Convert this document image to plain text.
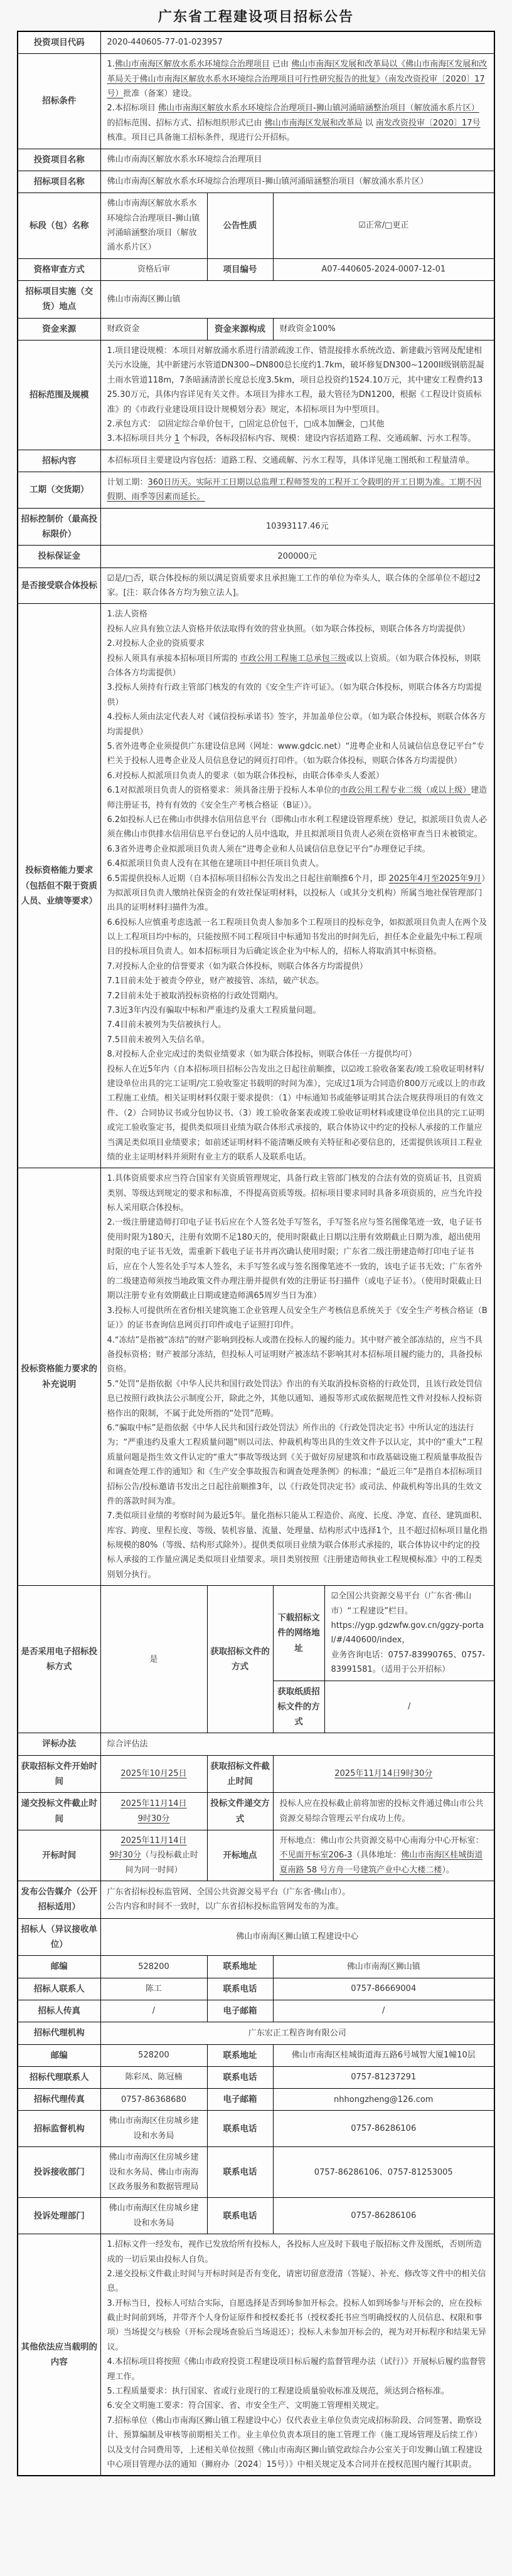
广东省工程建设项目招标公告
投资项目代码	2020-440605-77-01-023957			

招标条件	1.佛山市南海区解放水系水环境综合治理项目 已由 佛山市南海区发展和改革局以《佛山市南海区发展和改革局关于佛山市南海区解放水系水环境综合治理项目可行性研究报告的批复》（南发改资投审〔2020〕17号）批准（备案）建设。
2.本招标项目 佛山市南海区解放水系水环境综合治理项目-狮山镇河涌暗涵整治项目（解放涌水系片区） 的招标范围、招标方式、招标组织形式已由 佛山市南海区发展和改革局 以 南发改资投审〔2020〕17号 核准。项目已具备施工招标条件，现进行公开招标。			

投资项目名称	佛山市南海区解放水系水环境综合治理项目			

招标项目名称	佛山市南海区解放水系水环境综合治理项目-狮山镇河涌暗涵整治项目（解放涌水系片区）			

标段（包）名称	佛山市南海区解放水系水环境综合治理项目-狮山镇河涌暗涵整治项目（解放涌水系片区）	公告性质	☑正常/□更正	

资格审查方式	资格后审	项目编号	A07-440605-2024-0007-12-01	

招标项目实施（交货）地点	佛山市南海区狮山镇			

资金来源	财政资金	资金来源构成	财政资金100%	

招标范围及规模	1.项目建设规模：本项目对解放涌水系进行清淤疏浚工作、错混接排水系统改造、新建截污管网及配建相关污水设施，其中新建污水管道DN300~DN800总长度约1.7km，破坏修复DN300~1200II级钢筋混凝土雨水管道118m，7条暗涵清淤长度总长度3.5km，项目总投资约1524.10万元，其中建安工程费约1325.30万元，具体内容详见有关文件。本项目为排水工程，最大管径为DN1200，根据《工程设计资质标准》的《市政行业建设项目设计规模划分表》规定，本招标项目为中型项目。
2.承包方式： ☑固定综合单价包干，□固定总价包干，□成本加酬金，□其他
3.本招标项目共分 1 个标段，各标段招标内容、规模：建设内容括道路工程、交通疏解、污水工程等。			

招标内容	本招标项目主要建设内容包括：道路工程、交通疏解、污水工程等，具体详见施工图纸和工程量清单。			

工期（交货期）	计划工期：360日历天。实际开工日期以总监理工程师签发的工程开工令载明的开工日期为准。工期不因假期、雨季等因素而延长。			

招标控制价（最高投标限价）	10393117.46元			

投标保证金	200000元			

是否接受联合体投标	☑是/□否，联合体投标的须以满足资质要求且承担施工工作的单位为牵头人，联合体的全部单位不超过2家。[注：联合体各方均为独立法人]。			

投标资格能力要求（包括但不限于资质人员、业绩等要求）

1.法人资格
投标人应具有独立法人资格并依法取得有效的营业执照。（如为联合体投标，则联合体各方均需提供）
2.对投标人企业的资质要求
投标人须具有承接本招标项目所需的 市政公用工程施工总承包三级或以上资质。（如为联合体投标，则联合体各方均需提供）
3.投标人须持有行政主管部门核发的有效的《安全生产许可证》。（如为联合体投标，则联合体各方均需提供）
4.投标人须由法定代表人对《诚信投标承诺书》签字，并加盖单位公章。（如为联合体投标，则联合体各方均需提供）
5.省外进粤企业须提供广东建设信息网（网址：www.gdcic.net）“进粤企业和人员诚信信息登记平台”专栏关于投标人进粤企业及人员信息登记的网页打印件。（如为联合体投标，则联合体各方均需提供）
6.对投标人拟派项目负责人的要求（如为联合体投标，由联合体牵头人委派）
6.1对拟派项目负责人的资格要求：须具备注册于投标人本单位的市政公用工程专业二级（或以上级）建造师注册证书，持有有效的《安全生产考核合格证（B证）》。
6.2如投标人已在佛山市供排水信用信息平台（即佛山市水利工程建设管理系统）登记，拟派项目负责人必须在佛山市供排水信用信息平台登记的人员中选取，并且拟派项目负责人必须在资格审查当日未被锁定。
6.3省外进粤企业拟派项目负责人须在“进粤企业和人员诚信信息登记平台”办理登记手续。
6.4拟派项目负责人没有在其他在建项目中担任项目负责人。
6.5需提供投标人近期（自本招标项目招标公告发出之日起往前顺推6个月，即 2025年4月至2025年9月）为拟派项目负责人缴纳社保资金的有效社保证明材料，以投标人（或其分支机构）所属当地社保管理部门出具的证明材料扫描件为准。
6.6投标人应慎重考虑选派一名工程项目负责人参加多个工程项目的投标竞争，如拟派项目负责人在两个及以上工程项目均中标的，只能按照不同工程项目中标通知书发出的时间先后，担任本企业最先中标工程项目的投标项目负责人。如本招标项目为后确定该企业为中标人的，招标人将取消其中标资格。
7.对投标人企业的信誉要求（如为联合体投标，则联合体各方均需提供）
7.1目前未处于被责令停业，财产被接管、冻结，破产状态。
7.2目前未处于被取消投标资格的行政处罚期内。
7.3近3年内没有骗取中标和严重违约及重大工程质量问题。
7.4目前未被列为失信被执行人。
7.5目前未被列入失信名单。
8.对投标人企业完成过的类似业绩要求（如为联合体投标，则联合体任一方提供均可）
投标人在近5年内（自本招标项目招标公告发出之日起往前顺推，以☑竣工验收备案表/竣工验收证明材料/建设单位出具的完工证明/完工验收鉴定书载明的时间为准），完成过1项为合同造价800万元或以上的市政工程施工业绩。相关证明材料仅限于要求提供：（1）中标通知书或能够证明其合法合规获得项目的有效文件、（2）合同协议书或分包协议书、（3）竣工验收备案表或竣工验收证明材料或建设单位出具的完工证明或完工验收鉴定书，提供类似项目业绩为联合体形式承接的，联合体协议中约定的投标人承接的工作量应当满足类似项目业绩要求；如前述证明材料不能清晰反映有关特征和必要信息的，还需提供该项目工程业绩的业主证明材料并须附有业主方的联系人及联系电话。

投标资格能力要求的补充说明

1.具体资质要求应当符合国家有关资质管理规定，具备行政主管部门核发的合法有效的资质证书，且资质类别、等级达到规定的要求和标准，不得提高资质等级。招标项目要求同时具备多项资质的，应当允许投标人采用联合体投标。
2.一级注册建造师打印电子证书后应在个人签名处手写签名，手写签名应与签名图像笔迹一致，电子证书使用时限为180天，注册有效期不足180天的，使用时限截止日期以注册有效期截止日期为准，超出使用时限的电子证书无效，需重新下载电子证书并再次确认使用时限；广东省二级注册建造师打印电子证书后，应在个人签名处手写本人签名，未手写签名或与签名图像笔迹不一致的，该电子证书无效；广东省外的二级建造师须按当地政策文件办理注册并提供有效的注册证书扫描件（或电子证书）。（使用时限截止日期以注册专业有效期截止日期或建造师满65周岁当日为准）
3.投标人可提供所在省份相关建筑施工企业管理人员安全生产考核信息系统关于《安全生产考核合格证（B证）》的证书查询信息网页打印件或电子证照打印件。
4.“冻结”是指被“冻结”的财产影响到投标人或潜在投标人的履约能力。其中财产被全部冻结的，应当不具备投标资格；财产被部分冻结，但投标人可证明财产被冻结不影响其对本招标项目履约能力的，具备投标资格。
5.“处罚”是指依据《中华人民共和国行政处罚法》作出的有关取消投标资格的行政处罚，且该行政处罚信息已按照行政执法公示制度公开，除此之外，其他以通知、通报等形式或依据规范性文件对投标人投标资格作出的限制，不属于此处所指的“处罚”范畴。
6.“骗取中标”是指依据《中华人民共和国行政处罚法》所作出的《行政处罚决定书》中所认定的违法行为；“严重违约及重大工程质量问题”则以司法、仲裁机构等出具的生效文件予以认定，其中的“重大”工程质量问题是指生效文件认定的“重大”事故等级达到《关于做好房屋建筑和市政基础设施工程质量事故报告和调查处理工作的通知》和《生产安全事故报告和调查处理条例》的标准；“最近三年”是指自本招标项目招标公告/投标邀请书发出之日起往前顺推3年，以《行政处罚决定书》或司法、仲裁机构等出具的生效文件的落款时间为准。
7.类似项目业绩的考察时间为最近5年。量化指标只能从工程造价、高度、长度、净宽、直径、建筑面积、库容、跨度、里程长度、等级、装机容量、流量、处理量、结构形式中选择1个，且不超过招标项目量化指标规模的80%（等级、结构形式除外）。提供类似项目业绩为联合体形式承接的，联合体协议中约定的投标人承接的工作量应满足类似项目业绩要求。项目类别按照《注册建造师执业工程规模标准》中的工程类别划分执行。

是否采用电子招标投标方式	是	获取招标文件的方式	下载招标文件的网络地址	☑全国公共资源交易平台（广东省·佛山市）“工程建设”栏目。
https://ygp.gdzwfw.gov.cn/ggzy-portal/#/440600/index，
业务咨询电话：0757-83990765、0757-83991581。（适用于公开招标）

			获取纸质招标文件的方式	/

评标办法	综合评估法			

获取招标文件开始时间	2025年10月25日	获取招标文件截止时间	2025年11月14日9时30分	

递交投标文件截止时间	2025年11月14日
9时30分	投标文件递交方式	投标人应在投标截止前将加密的投标文件通过佛山市公共资源交易综合管理云平台成功上传。	

开标时间	2025年11月14日
9时30分（与投标截止时间为同一时间）	开标地点	开标地点：佛山市公共资源交易中心南海分中心开标室：不见面开标室206-3（具体地址：佛山市南海区桂城街道夏南路 58 号方舟一号建筑产业中心大楼二楼）。	

发布公告媒介（公开招标适用）	广东省招标投标监管网、全国公共资源交易平台（广东省·佛山市）。
公告内容和时间不一致时，以广东省招标投标监管网发布的为准。			

招标人（异议接收单位）	佛山市南海区狮山镇工程建设中心			

邮编	528200	联系地址	佛山市南海区狮山镇	

招标人联系人	陈工	联系电话	0757-86669004	

招标人传真	/	电子邮箱	/	

招标代理机构	广东宏正工程咨询有限公司			

邮编	528200	联系地址	佛山市南海区桂城街道海五路6号城智大厦1幢10层	

招标代理联系人	陈彩凤、陈冠楠	联系电话	0757-81237291	

招标代理传真	0757-86368680	电子邮箱	nhhongzheng@126.com	

招标监督机构	佛山市南海区住房城乡建设和水务局	联系电话	0757-86286106	

投诉接收部门	佛山市南海区住房城乡建设和水务局、佛山市南海区政务服务和数据管理局	联系电话	0757-86286106、0757-81253005	

投诉处理部门	佛山市南海区住房城乡建设和水务局	联系电话	0757-86286106	

其他依法应当载明的内容

1.招标文件一经发布，视作已发放给所有投标人，各投标人应及时下载电子版招标文件及图纸，否则所造成的一切后果由投标人自负。
2.递交投标文件截止时间与开标时间是否有变化，请密切留意澄清（答疑）、补充、修改等文件中的相关信息。
3.开标当日，投标人可结合实际，自愿选择是否到场参加开标会。投标人如到场参与开标会的，应在投标截止时间前到场，并带齐个人身份证原件和授权委托书（授权委托书应当明确授权的人员信息、权限和事项）当场提交与核验（开标会现场查验后当场退还）；投标人未参加开标会的，视为对开标程序和结果无异议。
4.本招标项目将按照《佛山市政府投资工程建设项目标后履约监督管理办法（试行）》开展标后履约监督管理工作。
5.工程质量要求：执行国家、省或行业现行的工程建设质量验收标准及规范，须达到合格标准。
6.安全文明施工要求：符合国家、省、市安全生产、文明施工管理相关规定。
7.招标单位（佛山市南海区狮山镇工程建设中心）仅代表业主单位负责完成招标阶段、合同签署、勘察设计、预算编制及审核等前期相关工作。业主单位负责本项目的施工管理工作（施工现场管理及后续工作）以及支付合同费用等，上述相关单位按照《佛山市南海区狮山镇党政综合办公室关于印发狮山镇工程建设中心项目管理办法的通知（狮府办〔2024〕15号）》中相关规定及本合同并在授权范围内履行其职责。
